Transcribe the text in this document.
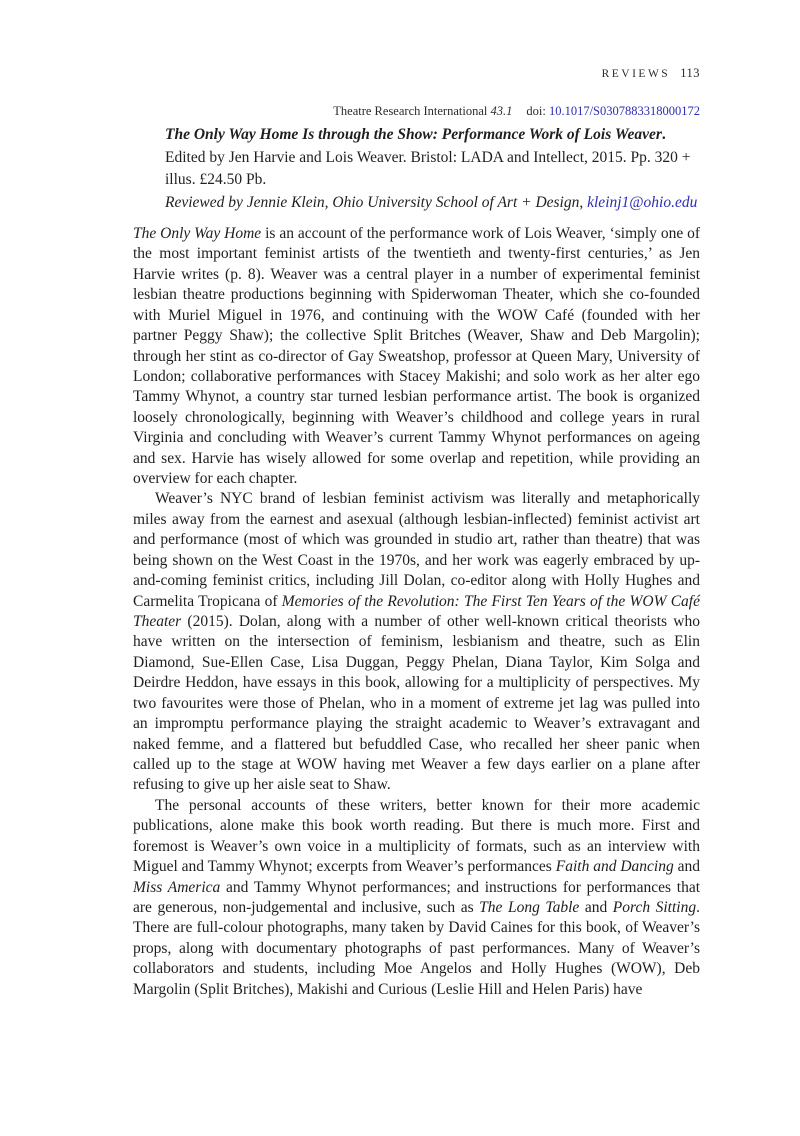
REVIEWS 113
Theatre Research International 43.1 doi: 10.1017/S0307883318000172
The Only Way Home Is through the Show: Performance Work of Lois Weaver.
Edited by Jen Harvie and Lois Weaver. Bristol: LADA and Intellect, 2015. Pp. 320 + illus. £24.50 Pb.
Reviewed by Jennie Klein, Ohio University School of Art + Design, kleinj1@ohio.edu

The Only Way Home is an account of the performance work of Lois Weaver, ‘simply one of the most important feminist artists of the twentieth and twenty-first centuries,’ as Jen Harvie writes (p. 8). Weaver was a central player in a number of experimental feminist lesbian theatre productions beginning with Spiderwoman Theater, which she co-founded with Muriel Miguel in 1976, and continuing with the WOW Café (founded with her partner Peggy Shaw); the collective Split Britches (Weaver, Shaw and Deb Margolin); through her stint as co-director of Gay Sweatshop, professor at Queen Mary, University of London; collaborative performances with Stacey Makishi; and solo work as her alter ego Tammy Whynot, a country star turned lesbian performance artist. The book is organized loosely chronologically, beginning with Weaver’s childhood and college years in rural Virginia and concluding with Weaver’s current Tammy Whynot performances on ageing and sex. Harvie has wisely allowed for some overlap and repetition, while providing an overview for each chapter.

Weaver’s NYC brand of lesbian feminist activism was literally and metaphorically miles away from the earnest and asexual (although lesbian-inflected) feminist activist art and performance (most of which was grounded in studio art, rather than theatre) that was being shown on the West Coast in the 1970s, and her work was eagerly embraced by up-and-coming feminist critics, including Jill Dolan, co-editor along with Holly Hughes and Carmelita Tropicana of Memories of the Revolution: The First Ten Years of the WOW Café Theater (2015). Dolan, along with a number of other well-known critical theorists who have written on the intersection of feminism, lesbianism and theatre, such as Elin Diamond, Sue-Ellen Case, Lisa Duggan, Peggy Phelan, Diana Taylor, Kim Solga and Deirdre Heddon, have essays in this book, allowing for a multiplicity of perspectives. My two favourites were those of Phelan, who in a moment of extreme jet lag was pulled into an impromptu performance playing the straight academic to Weaver’s extravagant and naked femme, and a flattered but befuddled Case, who recalled her sheer panic when called up to the stage at WOW having met Weaver a few days earlier on a plane after refusing to give up her aisle seat to Shaw.

The personal accounts of these writers, better known for their more academic publications, alone make this book worth reading. But there is much more. First and foremost is Weaver’s own voice in a multiplicity of formats, such as an interview with Miguel and Tammy Whynot; excerpts from Weaver’s performances Faith and Dancing and Miss America and Tammy Whynot performances; and instructions for performances that are generous, non-judgemental and inclusive, such as The Long Table and Porch Sitting. There are full-colour photographs, many taken by David Caines for this book, of Weaver’s props, along with documentary photographs of past performances. Many of Weaver’s collaborators and students, including Moe Angelos and Holly Hughes (WOW), Deb Margolin (Split Britches), Makishi and Curious (Leslie Hill and Helen Paris) have
